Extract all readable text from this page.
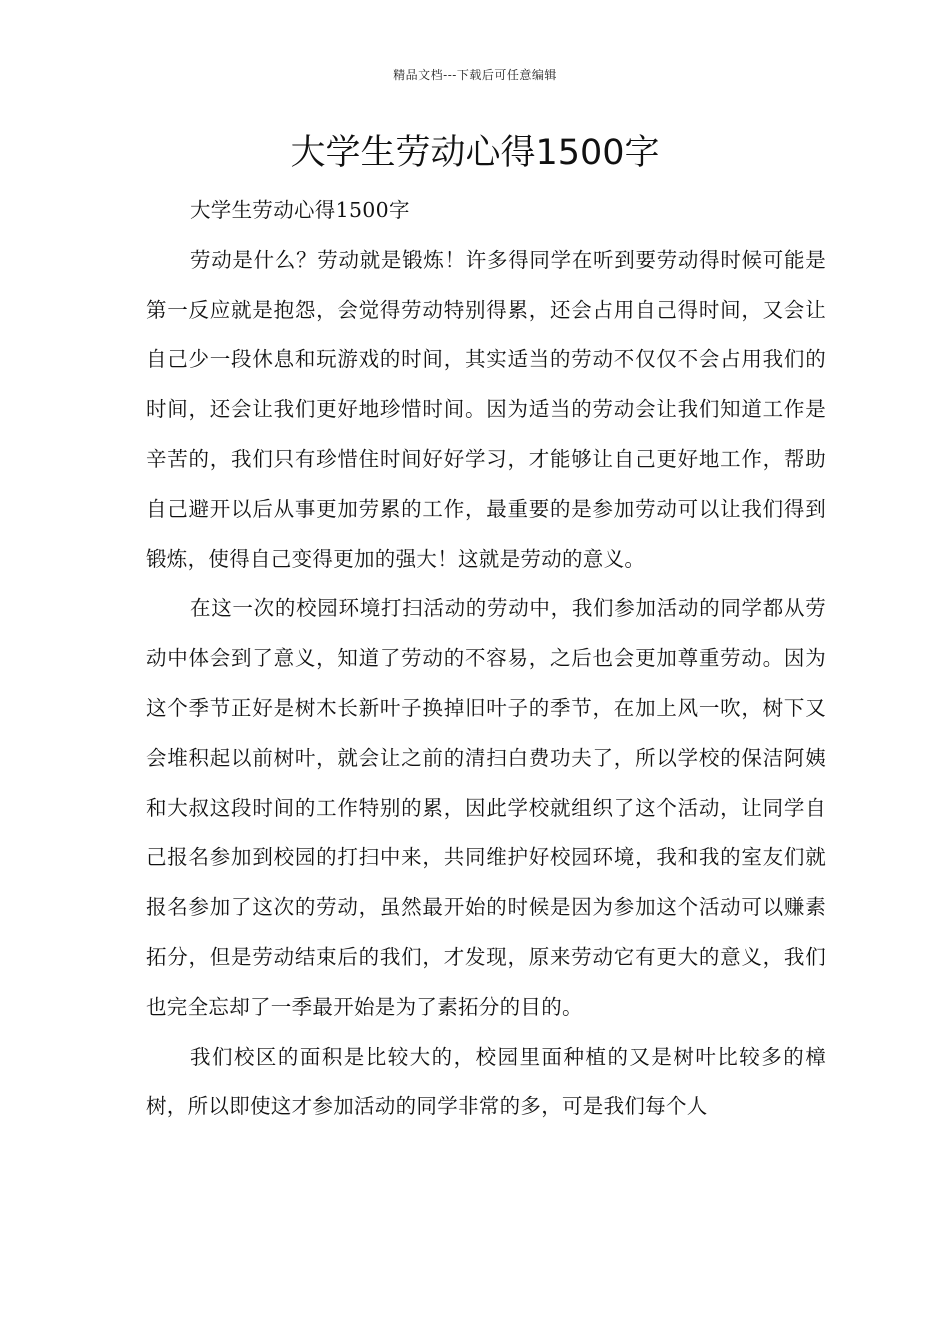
精品文档---下载后可任意编辑
大学生劳动心得1500字

大学生劳动心得1500字

劳动是什么？劳动就是锻炼！许多得同学在听到要劳动得时候可能是第一反应就是抱怨，会觉得劳动特别得累，还会占用自己得时间，又会让自己少一段休息和玩游戏的时间，其实适当的劳动不仅仅不会占用我们的时间，还会让我们更好地珍惜时间。因为适当的劳动会让我们知道工作是辛苦的，我们只有珍惜住时间好好学习，才能够让自己更好地工作，帮助自己避开以后从事更加劳累的工作，最重要的是参加劳动可以让我们得到锻炼，使得自己变得更加的强大！这就是劳动的意义。

在这一次的校园环境打扫活动的劳动中，我们参加活动的同学都从劳动中体会到了意义，知道了劳动的不容易，之后也会更加尊重劳动。因为这个季节正好是树木长新叶子换掉旧叶子的季节，在加上风一吹，树下又会堆积起以前树叶，就会让之前的清扫白费功夫了，所以学校的保洁阿姨和大叔这段时间的工作特别的累，因此学校就组织了这个活动，让同学自己报名参加到校园的打扫中来，共同维护好校园环境，我和我的室友们就报名参加了这次的劳动，虽然最开始的时候是因为参加这个活动可以赚素拓分，但是劳动结束后的我们，才发现，原来劳动它有更大的意义，我们也完全忘却了一季最开始是为了素拓分的目的。

我们校区的面积是比较大的，校园里面种植的又是树叶比较多的樟树，所以即使这才参加活动的同学非常的多，可是我们每个人
